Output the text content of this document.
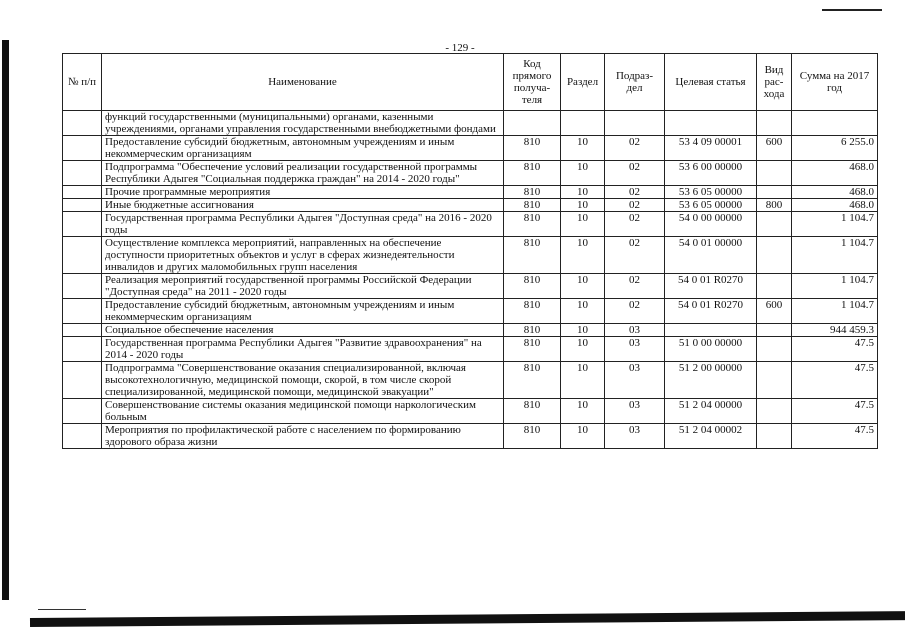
- 129 -
№ п/п	Наименование	Код прямого получа- теля	Раздел	Подраз- дел	Целевая статья	Вид рас- хода	Сумма на 2017 год
	функций государственными (муниципальными) органами, казенными учреждениями, органами управления государственными внебюджетными фондами						
	Предоставление субсидий бюджетным, автономным учреждениям и иным некоммерческим организациям	810	10	02	53 4 09 00001	600	6 255.0
	Подпрограмма "Обеспечение условий реализации государственной программы Республики Адыгея "Социальная поддержка граждан" на 2014 - 2020 годы"	810	10	02	53 6 00 00000		468.0
	Прочие программные мероприятия	810	10	02	53 6 05 00000		468.0
	Иные бюджетные ассигнования	810	10	02	53 6 05 00000	800	468.0
	Государственная программа Республики Адыгея "Доступная среда" на 2016 - 2020 годы	810	10	02	54 0 00 00000		1 104.7
	Осуществление комплекса мероприятий, направленных на обеспечение доступности приоритетных объектов и услуг в сферах жизнедеятельности инвалидов и других маломобильных групп населения	810	10	02	54 0 01 00000		1 104.7
	Реализация мероприятий государственной программы Российской Федерации "Доступная среда" на 2011 - 2020 годы	810	10	02	54 0 01 R0270		1 104.7
	Предоставление субсидий бюджетным, автономным учреждениям и иным некоммерческим организациям	810	10	02	54 0 01 R0270	600	1 104.7
	Социальное обеспечение населения	810	10	03			944 459.3
	Государственная программа Республики Адыгея "Развитие здравоохранения" на 2014 - 2020 годы	810	10	03	51 0 00 00000		47.5
	Подпрограмма "Совершенствование оказания специализированной, включая высокотехнологичную, медицинской помощи, скорой, в том числе скорой специализированной, медицинской помощи, медицинской эвакуации"	810	10	03	51 2 00 00000		47.5
	Совершенствование системы оказания медицинской помощи наркологическим больным	810	10	03	51 2 04 00000		47.5
	Мероприятия по профилактической работе с населением по формированию здорового образа жизни	810	10	03	51 2 04 00002		47.5
